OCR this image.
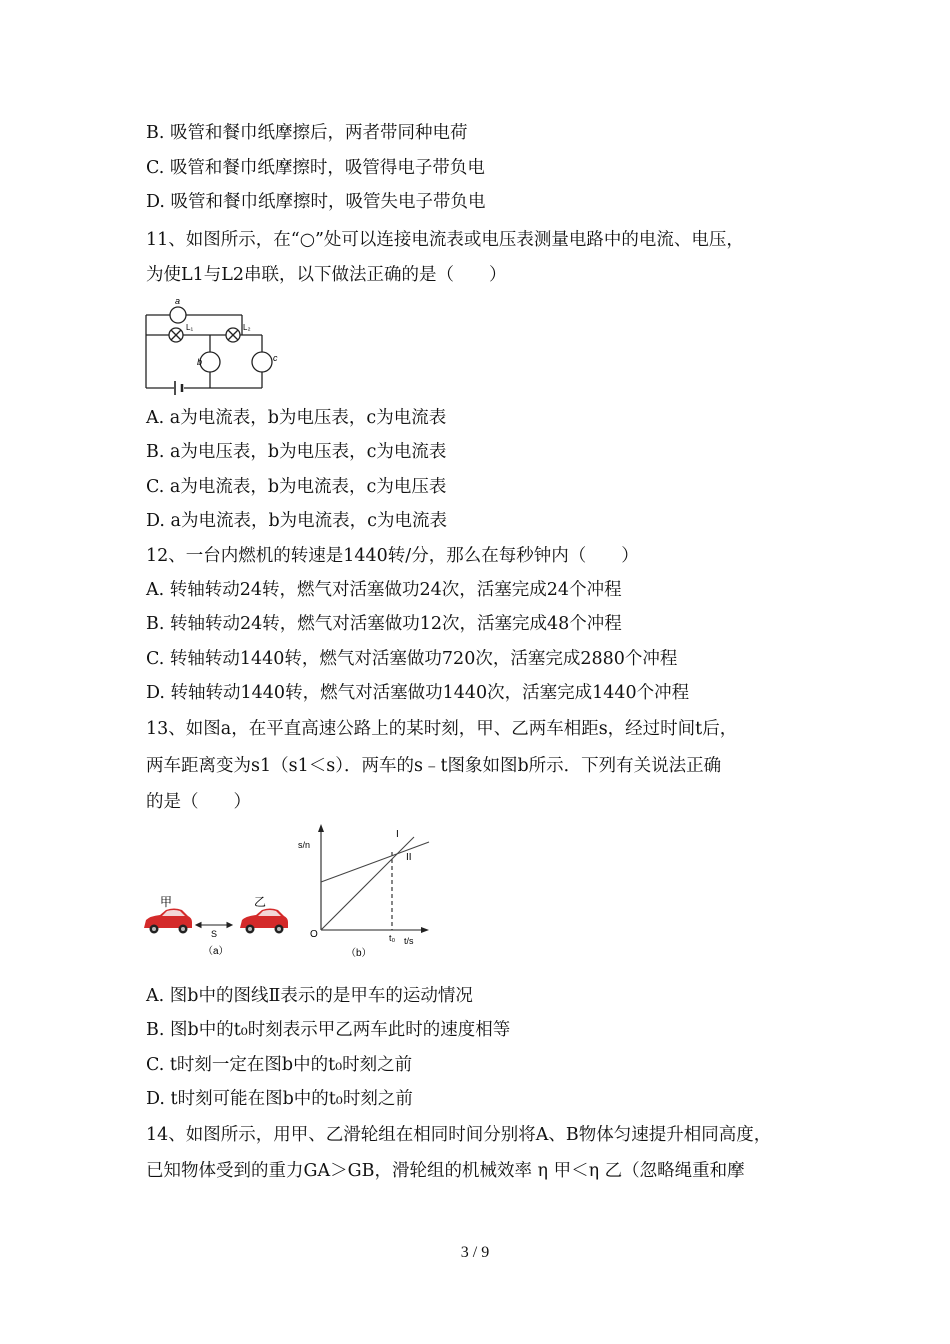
B. 吸管和餐巾纸摩擦后，两者带同种电荷
C. 吸管和餐巾纸摩擦时，吸管得电子带负电
D. 吸管和餐巾纸摩擦时，吸管失电子带负电
11、如图所示，在“○”处可以连接电流表或电压表测量电路中的电流、电压，
为使L1与L2串联，以下做法正确的是（　　）
a
L₁	L₂
b	c
A. a为电流表，b为电压表，c为电流表
B. a为电压表，b为电压表，c为电流表
C. a为电流表，b为电流表，c为电压表
D. a为电流表，b为电流表，c为电流表
12、一台内燃机的转速是1440转/分，那么在每秒钟内（　　）
A. 转轴转动24转，燃气对活塞做功24次，活塞完成24个冲程
B. 转轴转动24转，燃气对活塞做功12次，活塞完成48个冲程
C. 转轴转动1440转，燃气对活塞做功720次，活塞完成2880个冲程
D. 转轴转动1440转，燃气对活塞做功1440次，活塞完成1440个冲程
13、如图a，在平直高速公路上的某时刻，甲、乙两车相距s，经过时间t后，
两车距离变为s1（s1＜s）．两车的s﹣t图象如图b所示．下列有关说法正确
的是（　　）
甲	乙
S
（a）
s/n
O	t₀ t/s
I
II
（b）
A. 图b中的图线Ⅱ表示的是甲车的运动情况
B. 图b中的t₀时刻表示甲乙两车此时的速度相等
C. t时刻一定在图b中的t₀时刻之前
D. t时刻可能在图b中的t₀时刻之前
14、如图所示，用甲、乙滑轮组在相同时间分别将A、B物体匀速提升相同高度，
已知物体受到的重力GA＞GB，滑轮组的机械效率 η 甲＜η 乙（忽略绳重和摩
3 / 9
